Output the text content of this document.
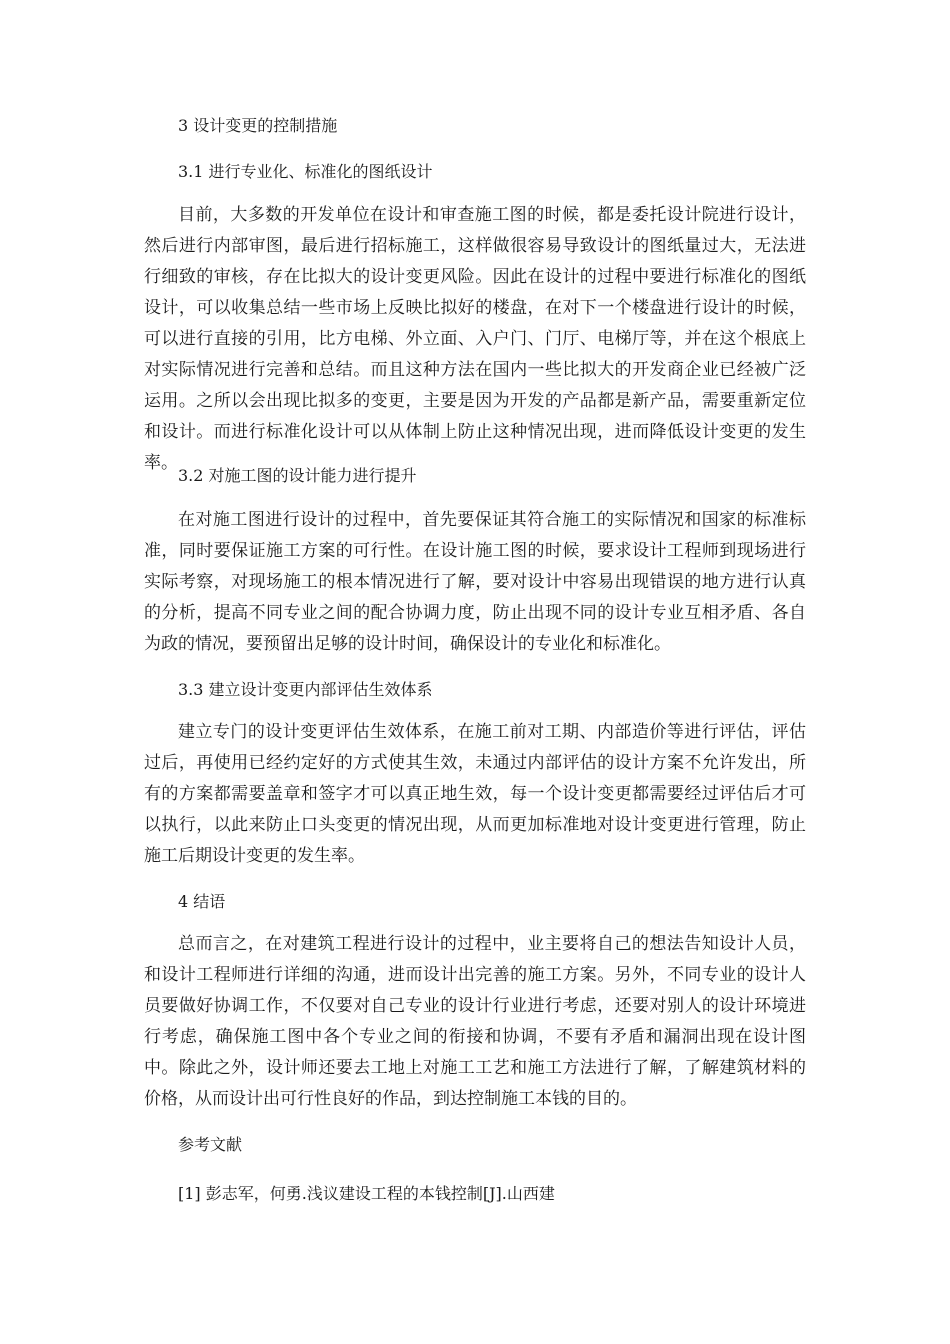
3 设计变更的控制措施
3.1 进行专业化、标准化的图纸设计

目前，大多数的开发单位在设计和审查施工图的时候，都是委托设计院进行设计，然后进行内部审图，最后进行招标施工，这样做很容易导致设计的图纸量过大，无法进行细致的审核，存在比拟大的设计变更风险。因此在设计的过程中要进行标准化的图纸设计，可以收集总结一些市场上反映比拟好的楼盘，在对下一个楼盘进行设计的时候，可以进行直接的引用，比方电梯、外立面、入户门、门厅、电梯厅等，并在这个根底上对实际情况进行完善和总结。而且这种方法在国内一些比拟大的开发商企业已经被广泛运用。之所以会出现比拟多的变更，主要是因为开发的产品都是新产品，需要重新定位和设计。而进行标准化设计可以从体制上防止这种情况出现，进而降低设计变更的发生率。

3.2 对施工图的设计能力进行提升

在对施工图进行设计的过程中，首先要保证其符合施工的实际情况和国家的标准标准，同时要保证施工方案的可行性。在设计施工图的时候，要求设计工程师到现场进行实际考察，对现场施工的根本情况进行了解，要对设计中容易出现错误的地方进行认真的分析，提高不同专业之间的配合协调力度，防止出现不同的设计专业互相矛盾、各自为政的情况，要预留出足够的设计时间，确保设计的专业化和标准化。

3.3 建立设计变更内部评估生效体系

建立专门的设计变更评估生效体系，在施工前对工期、内部造价等进行评估，评估过后，再使用已经约定好的方式使其生效，未通过内部评估的设计方案不允许发出，所有的方案都需要盖章和签字才可以真正地生效，每一个设计变更都需要经过评估后才可以执行，以此来防止口头变更的情况出现，从而更加标准地对设计变更进行管理，防止施工后期设计变更的发生率。

4 结语

总而言之，在对建筑工程进行设计的过程中，业主要将自己的想法告知设计人员，和设计工程师进行详细的沟通，进而设计出完善的施工方案。另外，不同专业的设计人员要做好协调工作，不仅要对自己专业的设计行业进行考虑，还要对别人的设计环境进行考虑，确保施工图中各个专业之间的衔接和协调，不要有矛盾和漏洞出现在设计图中。除此之外，设计师还要去工地上对施工工艺和施工方法进行了解，了解建筑材料的价格，从而设计出可行性良好的作品，到达控制施工本钱的目的。

参考文献
[1] 彭志军，何勇.浅议建设工程的本钱控制[J].山西建
